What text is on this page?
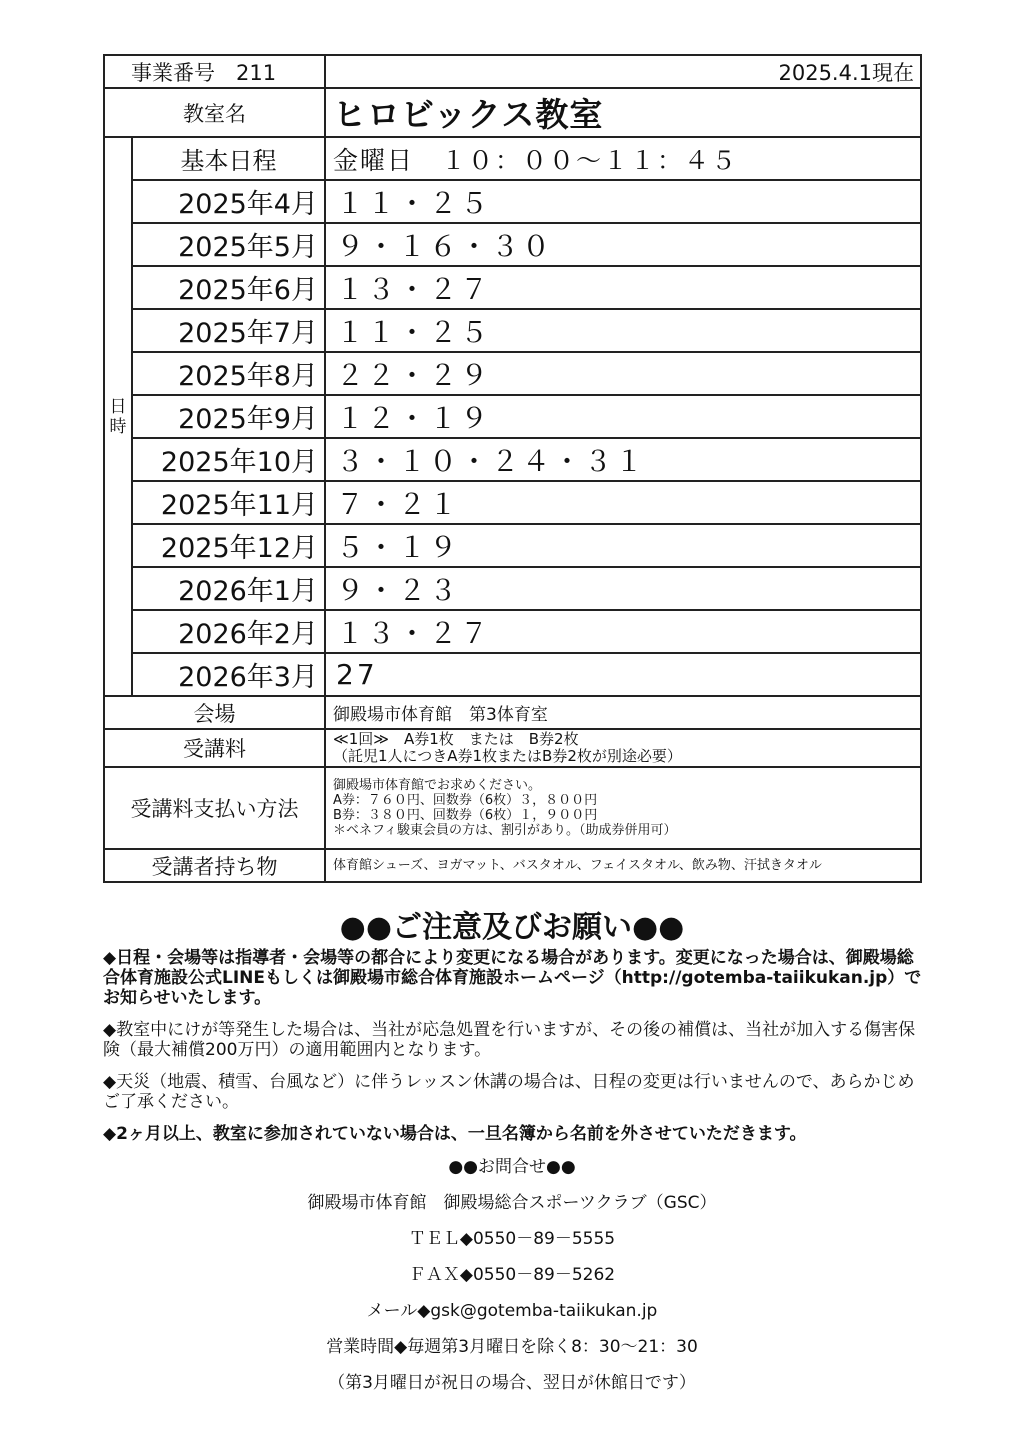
事業番号　211		2025.4.1現在
教室名		ヒロビックス教室
日
時	基本日程	金曜日　１０：００～１１：４５
	2025年4月	１１・２５
	2025年5月	９・１６・３０
	2025年6月	１３・２７
	2025年7月	１１・２５
	2025年8月	２２・２９
	2025年9月	１２・１９
	2025年10月	３・１０・２４・３１
	2025年11月	７・２１
	2025年12月	５・１９
	2026年1月	９・２３
	2026年2月	１３・２７
	2026年3月	27
会場		御殿場市体育館　第3体育室
受講料		≪1回≫　A券1枚　または　B券2枚
（託児1人につきA券1枚またはB券2枚が別途必要）

受講料支払い方法		御殿場市体育館でお求めください。
A券：７６０円、回数券（6枚）３，８００円
B券：３８０円、回数券（6枚）１，９００円
＊ベネフィ駿東会員の方は、割引があり。（助成券併用可）

受講者持ち物		体育館シューズ、ヨガマット、バスタオル、フェイスタオル、飲み物、汗拭きタオル
●●ご注意及びお願い●●

◆日程・会場等は指導者・会場等の都合により変更になる場合があります。変更になった場合は、御殿場総合体育施設公式LINEもしくは御殿場市総合体育施設ホームページ（http://gotemba-taiikukan.jp）でお知らせいたします。

◆教室中にけが等発生した場合は、当社が応急処置を行いますが、その後の補償は、当社が加入する傷害保険（最大補償200万円）の適用範囲内となります。

◆天災（地震、積雪、台風など）に伴うレッスン休講の場合は、日程の変更は行いませんので、あらかじめご了承ください。

◆2ヶ月以上、教室に参加されていない場合は、一旦名簿から名前を外させていただきます。

●●お問合せ●●
御殿場市体育館　御殿場総合スポーツクラブ（GSC）
ＴＥＬ◆0550－89－5555
ＦＡＸ◆0550－89－5262
メール◆gsk@gotemba-taiikukan.jp
営業時間◆毎週第3月曜日を除く8：30～21：30
（第3月曜日が祝日の場合、翌日が休館日です）
